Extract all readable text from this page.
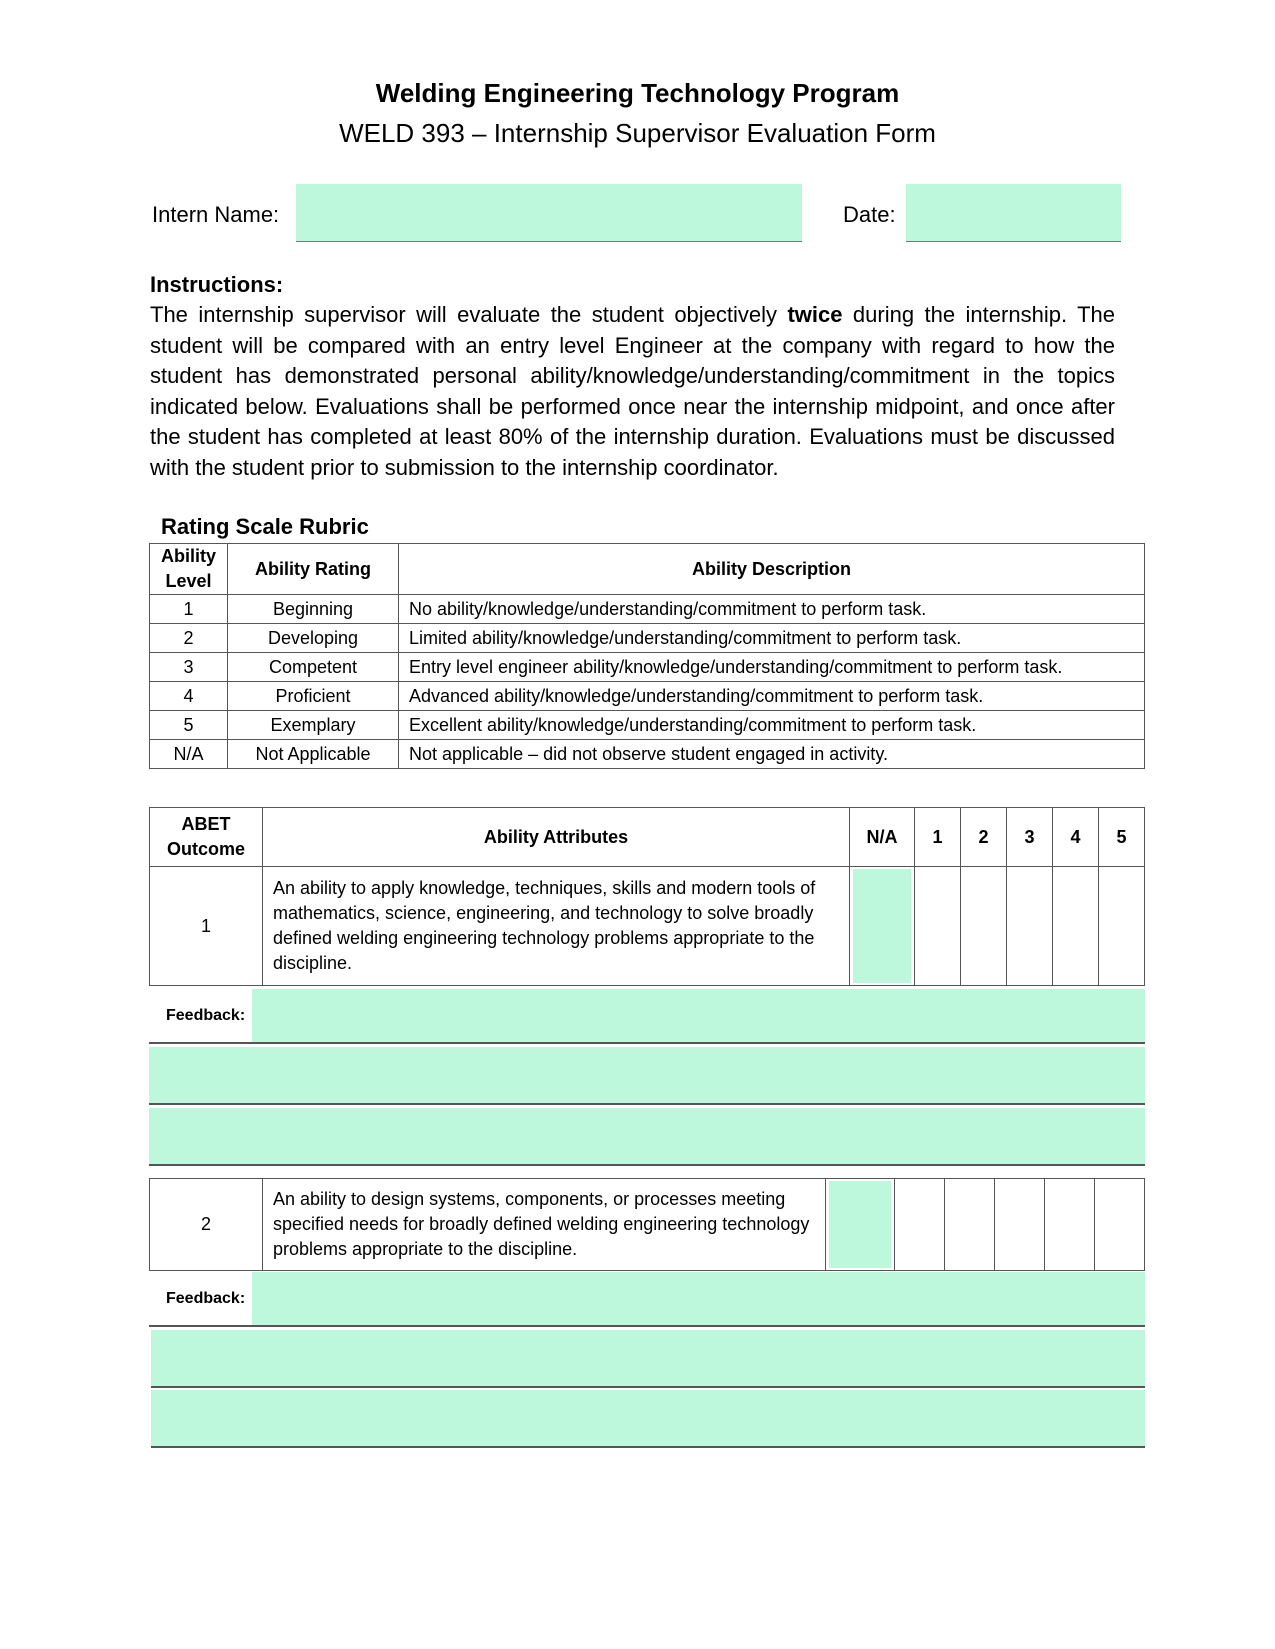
Welding Engineering Technology Program
WELD 393 – Internship Supervisor Evaluation Form
Intern Name:	Date:
Instructions:
The internship supervisor will evaluate the student objectively twice during the internship. The student will be compared with an entry level Engineer at the company with regard to how the student has demonstrated personal ability/knowledge/understanding/commitment in the topics indicated below. Evaluations shall be performed once near the internship midpoint, and once after the student has completed at least 80% of the internship duration. Evaluations must be discussed with the student prior to submission to the internship coordinator.
Rating Scale Rubric
Ability Level	Ability Rating	Ability Description
1	Beginning	No ability/knowledge/understanding/commitment to perform task.
2	Developing	Limited ability/knowledge/understanding/commitment to perform task.
3	Competent	Entry level engineer ability/knowledge/understanding/commitment to perform task.
4	Proficient	Advanced ability/knowledge/understanding/commitment to perform task.
5	Exemplary	Excellent ability/knowledge/understanding/commitment to perform task.
N/A	Not Applicable	Not applicable – did not observe student engaged in activity.
ABET Outcome	Ability Attributes	N/A	1	2	3	4	5
1	An ability to apply knowledge, techniques, skills and modern tools of mathematics, science, engineering, and technology to solve broadly defined welding engineering technology problems appropriate to the discipline.	

Feedback:
2	An ability to design systems, components, or processes meeting specified needs for broadly defined welding engineering technology problems appropriate to the discipline.	

Feedback:
